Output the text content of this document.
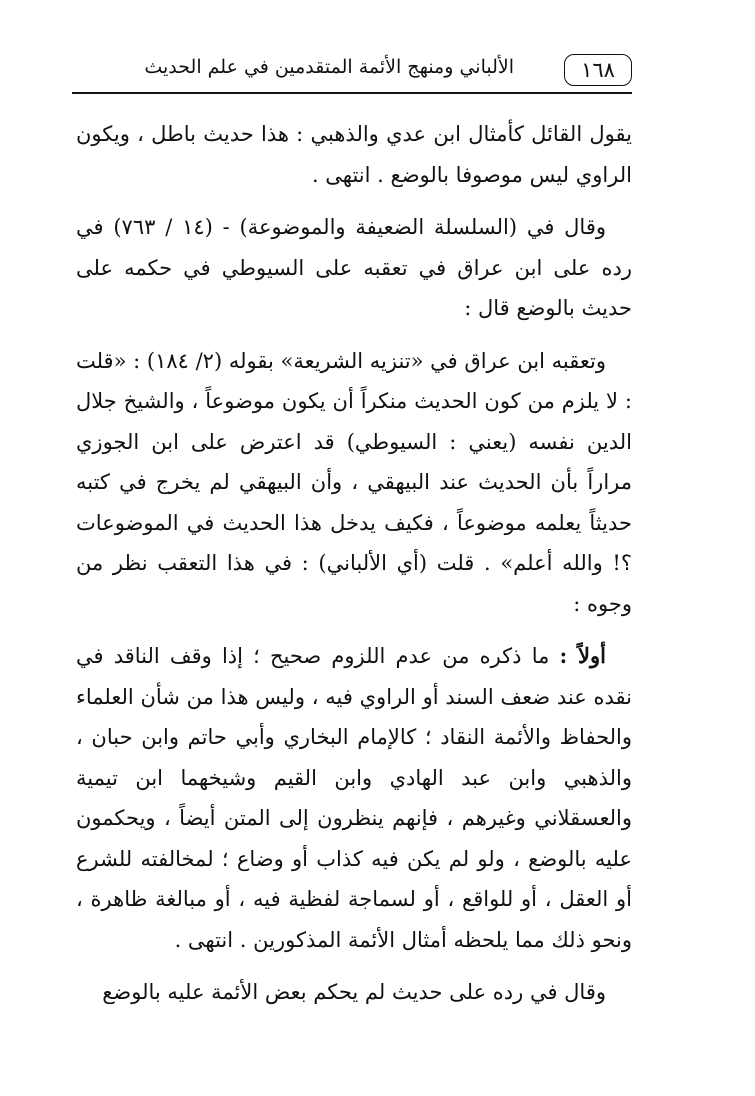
١٦٨
الألباني ومنهج الأئمة المتقدمين في علم الحديث

يقول القائل كأمثال ابن عدي والذهبي : هذا حديث باطل ، ويكون الراوي ليس موصوفا بالوضع . انتهى .

وقال في (السلسلة الضعيفة والموضوعة) - (١٤ / ٧٦٣) في رده على ابن عراق في تعقبه على السيوطي في حكمه على حديث بالوضع قال :

وتعقبه ابن عراق في «تنزيه الشريعة» بقوله (٢/ ١٨٤) : «قلت : لا يلزم من كون الحديث منكراً أن يكون موضوعاً ، والشيخ جلال الدين نفسه (يعني : السيوطي) قد اعترض على ابن الجوزي مراراً بأن الحديث عند البيهقي ، وأن البيهقي لم يخرج في كتبه حديثاً يعلمه موضوعاً ، فكيف يدخل هذا الحديث في الموضوعات ؟! والله أعلم» . قلت (أي الألباني) : في هذا التعقب نظر من وجوه :

أولاً : ما ذكره من عدم اللزوم صحيح ؛ إذا وقف الناقد في نقده عند ضعف السند أو الراوي فيه ، وليس هذا من شأن العلماء والحفاظ والأئمة النقاد ؛ كالإمام البخاري وأبي حاتم وابن حبان ، والذهبي وابن عبد الهادي وابن القيم وشيخهما ابن تيمية والعسقلاني وغيرهم ، فإنهم ينظرون إلى المتن أيضاً ، ويحكمون عليه بالوضع ، ولو لم يكن فيه كذاب أو وضاع ؛ لمخالفته للشرع أو العقل ، أو للواقع ، أو لسماجة لفظية فيه ، أو مبالغة ظاهرة ، ونحو ذلك مما يلحظه أمثال الأئمة المذكورين . انتهى .

وقال في رده على حديث لم يحكم بعض الأئمة عليه بالوضع
